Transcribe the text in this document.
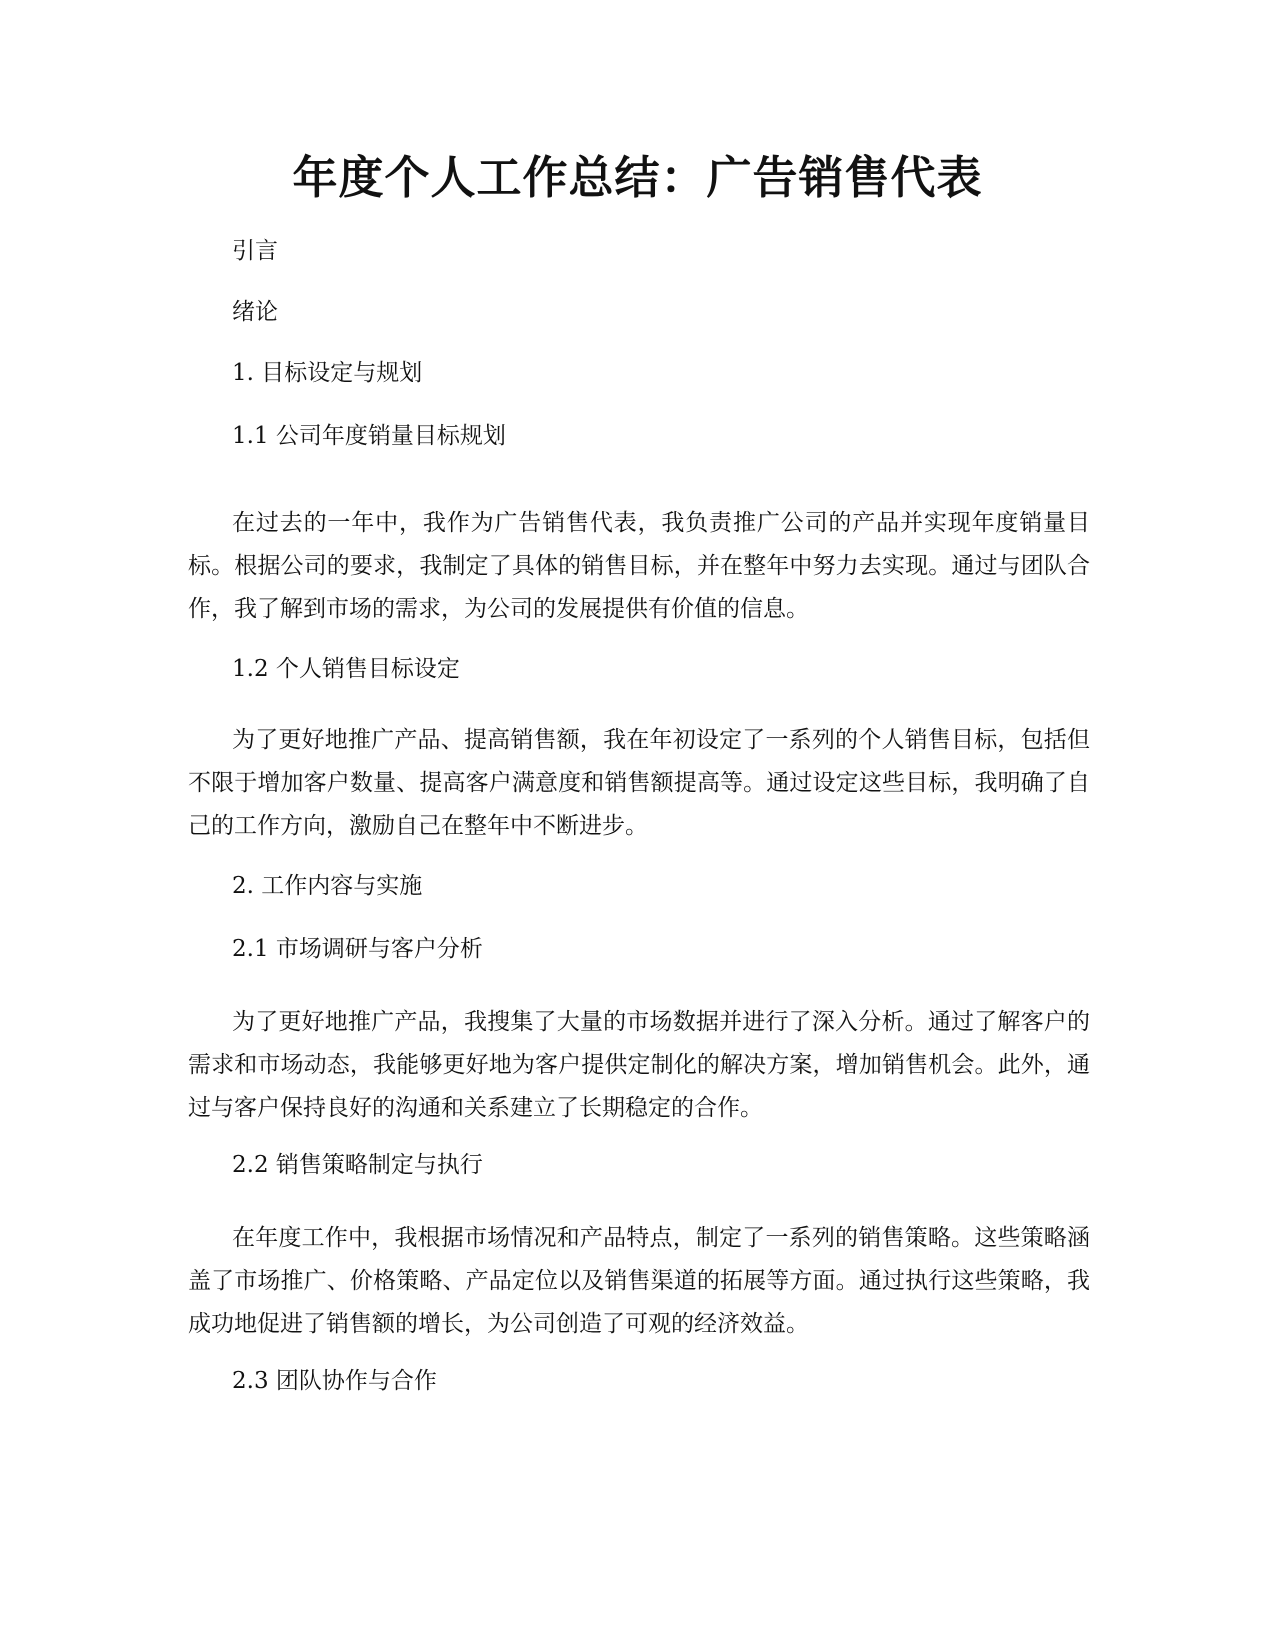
年度个人工作总结：广告销售代表

引言

绪论

1. 目标设定与规划

1.1 公司年度销量目标规划

在过去的一年中，我作为广告销售代表，我负责推广公司的产品并实现年度销量目标。根据公司的要求，我制定了具体的销售目标，并在整年中努力去实现。通过与团队合作，我了解到市场的需求，为公司的发展提供有价值的信息。

1.2 个人销售目标设定

为了更好地推广产品、提高销售额，我在年初设定了一系列的个人销售目标，包括但不限于增加客户数量、提高客户满意度和销售额提高等。通过设定这些目标，我明确了自己的工作方向，激励自己在整年中不断进步。

2. 工作内容与实施

2.1 市场调研与客户分析

为了更好地推广产品，我搜集了大量的市场数据并进行了深入分析。通过了解客户的需求和市场动态，我能够更好地为客户提供定制化的解决方案，增加销售机会。此外，通过与客户保持良好的沟通和关系建立了长期稳定的合作。

2.2 销售策略制定与执行

在年度工作中，我根据市场情况和产品特点，制定了一系列的销售策略。这些策略涵盖了市场推广、价格策略、产品定位以及销售渠道的拓展等方面。通过执行这些策略，我成功地促进了销售额的增长，为公司创造了可观的经济效益。

2.3 团队协作与合作
